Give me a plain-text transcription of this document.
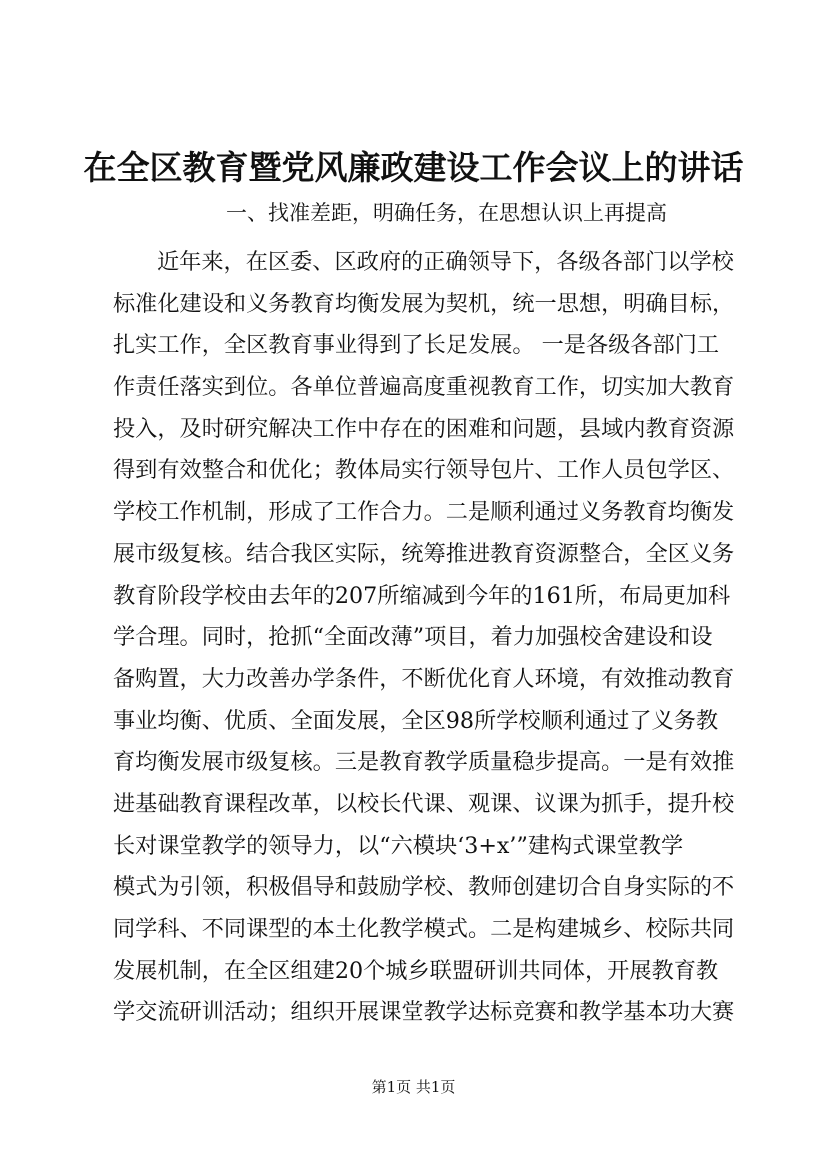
在全区教育暨党风廉政建设工作会议上的讲话
一、找准差距，明确任务，在思想认识上再提高
近年来，在区委、区政府的正确领导下，各级各部门以学校
标准化建设和义务教育均衡发展为契机，统一思想，明确目标，
扎实工作，全区教育事业得到了长足发展。 一是各级各部门工
作责任落实到位。各单位普遍高度重视教育工作，切实加大教育
投入，及时研究解决工作中存在的困难和问题，县域内教育资源
得到有效整合和优化；教体局实行领导包片、工作人员包学区、
学校工作机制，形成了工作合力。二是顺利通过义务教育均衡发
展市级复核。结合我区实际，统筹推进教育资源整合，全区义务
教育阶段学校由去年的207所缩减到今年的161所，布局更加科
学合理。同时，抢抓“全面改薄”项目，着力加强校舍建设和设
备购置，大力改善办学条件，不断优化育人环境，有效推动教育
事业均衡、优质、全面发展，全区98所学校顺利通过了义务教
育均衡发展市级复核。三是教育教学质量稳步提高。一是有效推
进基础教育课程改革，以校长代课、观课、议课为抓手，提升校
长对课堂教学的领导力，以“六模块‘3+x’”建构式课堂教学
模式为引领，积极倡导和鼓励学校、教师创建切合自身实际的不
同学科、不同课型的本土化教学模式。二是构建城乡、校际共同
发展机制，在全区组建20个城乡联盟研训共同体，开展教育教
学交流研训活动；组织开展课堂教学达标竞赛和教学基本功大赛
第1页 共1页
